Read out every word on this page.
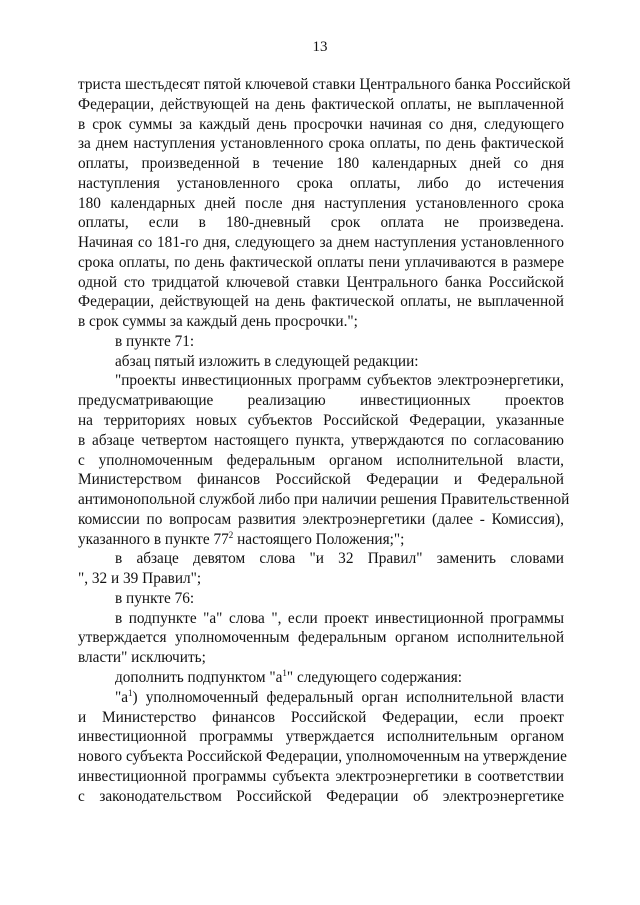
13
триста шестьдесят пятой ключевой ставки Центрального банка Российской
Федерации, действующей на день фактической оплаты, не выплаченной
в срок суммы за каждый день просрочки начиная со дня, следующего
за днем наступления установленного срока оплаты, по день фактической
оплаты, произведенной в течение 180 календарных дней со дня
наступления установленного срока оплаты, либо до истечения
180 календарных дней после дня наступления установленного срока
оплаты, если в 180-дневный срок оплата не произведена.
Начиная со 181-го дня, следующего за днем наступления установленного
срока оплаты, по день фактической оплаты пени уплачиваются в размере
одной сто тридцатой ключевой ставки Центрального банка Российской
Федерации, действующей на день фактической оплаты, не выплаченной
в срок суммы за каждый день просрочки.";
в пункте 71:
абзац пятый изложить в следующей редакции:
"проекты инвестиционных программ субъектов электроэнергетики,
предусматривающие реализацию инвестиционных проектов
на территориях новых субъектов Российской Федерации, указанные
в абзаце четвертом настоящего пункта, утверждаются по согласованию
с уполномоченным федеральным органом исполнительной власти,
Министерством финансов Российской Федерации и Федеральной
антимонопольной службой либо при наличии решения Правительственной
комиссии по вопросам развития электроэнергетики (далее - Комиссия),
указанного в пункте $77^2$ настоящего Положения;";
в абзаце девятом слова "и 32 Правил" заменить словами
", 32 и 39 Правил";
в пункте 76:
в подпункте "а" слова ", если проект инвестиционной программы
утверждается уполномоченным федеральным органом исполнительной
власти" исключить;
дополнить подпунктом "$а^1$" следующего содержания:
"$а^1$) уполномоченный федеральный орган исполнительной власти
и Министерство финансов Российской Федерации, если проект
инвестиционной программы утверждается исполнительным органом
нового субъекта Российской Федерации, уполномоченным на утверждение
инвестиционной программы субъекта электроэнергетики в соответствии
с законодательством Российской Федерации об электроэнергетике
